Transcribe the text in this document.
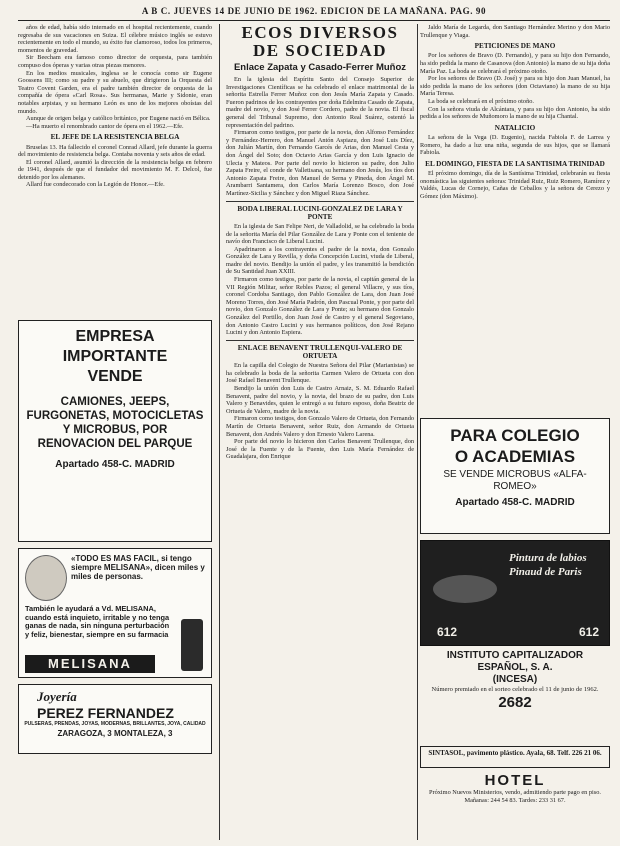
A B C. JUEVES 14 DE JUNIO DE 1962. EDICION DE LA MAÑANA. PAG. 90

años de edad, había sido internado en el hospital recientemente, cuando regresaba de sus vacaciones en Suiza. El célebre músico inglés se estuvo recientemente en todo el mundo, su éxito fue clamoroso, todos los primeros, momentos de gravedad.

Sir Beecham era famoso como director de orquesta, para también compuso dos óperas y varias otras piezas menores.

En los medios musicales, inglesa se le conocía como sir Eugene Goossens III; como su padre y su abuelo, que dirigieron la Orquesta del Teatro Covent Garden, era el padre también director de orquesta de la compañía de ópera «Carl Rosa». Sus hermanas, Marie y Sidonie, eran notables arpistas, y su hermano León es uno de los mejores oboístas del mundo.

Aunque de origen belga y católico británico, por Eugene nació en Bélica.

—Ha muerto el renombrado cantor de ópera en el 1962.—Efe.

EL JEFE DE LA RESISTENCIA BELGA

Bruselas 13. Ha fallecido el coronel Conrad Allard, jefe durante la guerra del movimiento de resistencia belga. Contaba noventa y seis años de edad.

El coronel Allard, asumió la dirección de la resistencia belga en febrero de 1941, después de que el fundador del movimiento M. F. Delcol, fue detenido por los alemanes.

Allard fue condecorado con la Legión de Honor.—Efe.

EMPRESA IMPORTANTE
VENDE
CAMIONES, JEEPS, FURGONETAS, MOTOCICLETAS Y MICROBUS, POR RENOVACION DEL PARQUE
Apartado 458-C. MADRID
«TODO ES MAS FACIL, si tengo siempre MELISANA», dicen miles y miles de personas.
También le ayudará a Vd. MELISANA, cuando está inquieto, irritable y no tenga ganas de nada, sin ninguna perturbación y feliz, bienestar, siempre en su farmacia
MELISANA
Joyería
PEREZ FERNANDEZ
PULSERAS, PRENDAS, JOYAS, MODERNAS, BRILLANTES, JOYA, CALIDAD
ZARAGOZA, 3 MONTALEZA, 3
ECOS DIVERSOS DE SOCIEDAD
Enlace Zapata y Casado-Ferrer Muñoz

En la iglesia del Espíritu Santo del Consejo Superior de Investigaciones Científicas se ha celebrado el enlace matrimonial de la señorita Estrella Ferrer Muñoz con don Jesús María Zapata y Casado. Fueron padrinos de los contrayentes por doña Edelmira Casado de Zapata, madre del novio, y don José Ferrer Cordero, padre de la novia. El fiscal general del Tribunal Supremo, don Antonio Real Suárez, ostentó la representación del padrino.

Firmaron como testigos, por parte de la novia, don Alfonso Fernández y Fernández-Herrero, don Manuel Antón Aspiazu, don José Luis Díez, don Julián Martín, don Fernando Garcés de Arias, don Manuel Cesta y don Ángel del Soto; don Octavio Arias García y don Luis Ignacio de Ulecia y Mateos. Por parte del novio lo hicieron su padre, don Julio Zapata Freire, el conde de Valletisana, su hermano don Jesús, los tíos don Antonio Zapata Freire, don Manuel de Serna y Pineda, don Ángel M. Arambarri Santamera, don Carlos María Lorenzo Bosco, don José Martínez-Sicilia y Sánchez y don Miguel Riaza Sánchez.

BODA LIBERAL LUCINI-GONZALEZ DE LARA Y PONTE

En la iglesia de San Felipe Neri, de Valladolid, se ha celebrado la boda de la señorita María del Pilar González de Lara y Ponte con el teniente de navío don Francisco de Liberal Lucini.

Apadrinaron a los contrayentes el padre de la novia, don Gonzalo González de Lara y Revilla, y doña Concepción Lucini, viuda de Liberal, madre del novio. Bendijo la unión el padre, y les transmitió la bendición de Su Santidad Juan XXIII.

Firmaron como testigos, por parte de la novia, el capitán general de la VII Región Militar, señor Rebles Pazos; el general Villacre, y sus tíos, coronel Cordoba Santiago, don Pablo González de Lara, don Juan José Moreno Torres, don José María Padrón, don Pascual Ponte, y por parte del novio, don Gonzalo González de Lara y Ponte; su hermano don Gonzalo González del Portillo, don Juan José de Castro y el general Segoviano, don Antonio Castro Lucini y sus hermanos políticos, don José Rejano Lucini y don Antonio Espiera.

ENLACE BENAVENT TRULLENQUI-VALERO DE ORTUETA

En la capilla del Colegio de Nuestra Señora del Pilar (Marianistas) se ha celebrado la boda de la señorita Carmen Valero de Ortueta con don José Rafael Benavent Trullenque.

Bendijo la unión don Luis de Castro Arnaiz, S. M. Eduardo Rafael Benavent, padre del novio, y la novia, del brazo de su padre, don Luis Valero y Benavides, quien le entregó a su futuro esposo, doña Beatriz de Ortueta de Valero, madre de la novia.

Firmaron como testigos, don Gonzalo Valero de Ortueta, don Fernando Martín de Ortueta Benavent, señor Ruiz, don Armando de Ortueta Benavent, don Andrés Valero y don Ernesto Valero Larena.

Por parte del novio lo hicieron don Carlos Benavent Trullenque, don José de la Fuente y de la Fuente, don Luis María Fernández de Guadalajara, don Enrique

Jaldo María de Legarda, don Santiago Hernández Merino y don Mario Trullenque y Viaga.

PETICIONES DE MANO

Por los señores de Bravo (D. Fernando), y para su hijo don Fernando, ha sido pedida la mano de Casanova (don Antonio) la mano de su hija doña María Paz. La boda se celebrará el próximo otoño.

Por los señores de Bravo (D. José) y para su hijo don Juan Manuel, ha sido pedida la mano de los señores (don Octaviano) la mano de su hija María Teresa.

La boda se celebrará en el próximo otoño.

Con la señora viuda de Alcántara, y para su hijo don Antonio, ha sido pedida a los señores de Muñomoro la mano de su hija Chantal.

NATALICIO

La señora de la Vega (D. Eugenio), nacida Fabiola F. de Larrea y Romero, ha dado a luz una niña, segunda de sus hijos, que se llamará Fabiola.

EL DOMINGO, FIESTA DE LA SANTISIMA TRINIDAD

El próximo domingo, día de la Santísima Trinidad, celebrarán su fiesta onomástica las siguientes señoras: Trinidad Ruiz, Ruiz Romero, Ramírez y Valdés, Lucas de Cornejo, Cañas de Ceballos y la señora de Cerezo y Gómez (don Máximo).

PARA COLEGIO
O ACADEMIAS
SE VENDE MICROBUS «ALFA-ROMEO»
Apartado 458-C. MADRID
Pintura de labios Pinaud de Paris
612	612
INSTITUTO CAPITALIZADOR
ESPAÑOL, S. A.
(INCESA)
Número premiado en el sorteo celebrado el 11 de junio de 1962.
2682
SINTASOL, pavimento plástico. Ayala, 68. Telf. 226 21 06.
HOTEL
Próximo Nuevos Ministerios, vendo, admitiendo parte pago en piso. Mañanas: 244 54 83. Tardes: 233 31 67.
